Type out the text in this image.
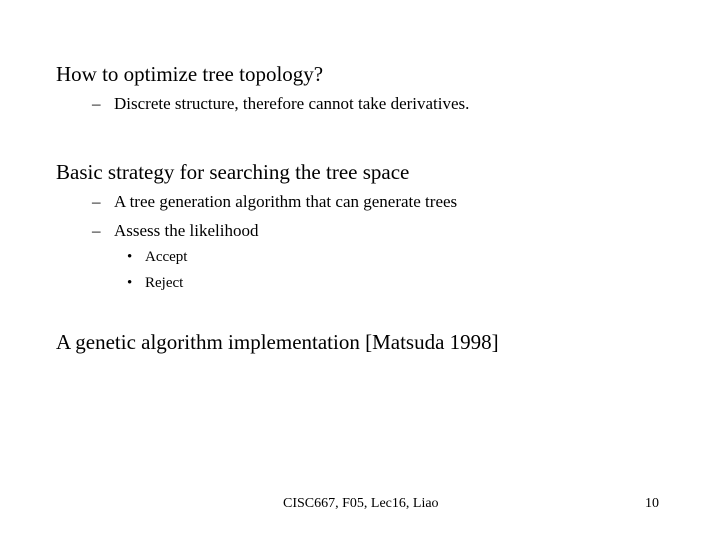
How to optimize tree topology?
– Discrete structure, therefore cannot take derivatives.
Basic strategy for searching the tree space
– A tree generation algorithm that can generate trees
– Assess the likelihood
• Accept
• Reject
A genetic algorithm implementation [Matsuda 1998]
CISC667, F05, Lec16, Liao	10
